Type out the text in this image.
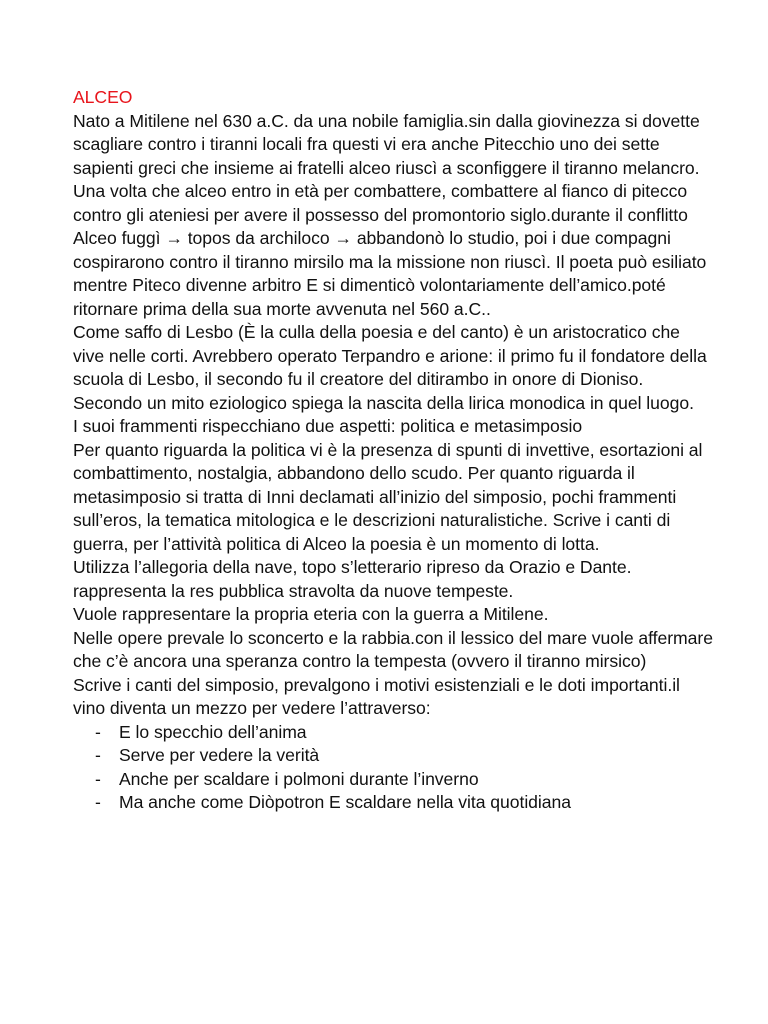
ALCEO

Nato a Mitilene nel 630 a.C. da una nobile famiglia.sin dalla giovinezza si dovette scagliare contro i tiranni locali fra questi vi era anche Pitecchio uno dei sette sapienti greci che insieme ai fratelli alceo riuscì a sconfiggere il tiranno melancro. Una volta che alceo entro in età per combattere, combattere al fianco di pitecco contro gli ateniesi per avere il possesso del promontorio siglo.durante il conflitto Alceo fuggì → topos da archiloco → abbandonò lo studio, poi i due compagni cospirarono contro il tiranno mirsilo ma la missione non riuscì. Il poeta può esiliato mentre Piteco divenne arbitro E si dimenticò volontariamente dell’amico.poté ritornare prima della sua morte avvenuta nel 560 a.C..

Come saffo di Lesbo (È la culla della poesia e del canto) è un aristocratico che vive nelle corti. Avrebbero operato Terpandro e arione: il primo fu il fondatore della scuola di Lesbo, il secondo fu il creatore del ditirambo in onore di Dioniso. Secondo un mito eziologico spiega la nascita della lirica monodica in quel luogo.

I suoi frammenti rispecchiano due aspetti: politica e metasimposio

Per quanto riguarda la politica vi è la presenza di spunti di invettive, esortazioni al combattimento, nostalgia, abbandono dello scudo. Per quanto riguarda il metasimposio si tratta di Inni declamati all’inizio del simposio, pochi frammenti sull’eros, la tematica mitologica e le descrizioni naturalistiche. Scrive i canti di guerra, per l’attività politica di Alceo la poesia è un momento di lotta.

Utilizza l’allegoria della nave, topo s’letterario ripreso da Orazio e Dante. rappresenta la res pubblica stravolta da nuove tempeste.

Vuole rappresentare la propria eteria con la guerra a Mitilene.

Nelle opere prevale lo sconcerto e la rabbia.con il lessico del mare vuole affermare che c’è ancora una speranza contro la tempesta (ovvero il tiranno mirsico)

Scrive i canti del simposio, prevalgono i motivi esistenziali e le doti importanti.il vino diventa un mezzo per vedere l’attraverso:

- E lo specchio dell’anima
- Serve per vedere la verità
- Anche per scaldare i polmoni durante l’inverno
- Ma anche come Diòpotron E scaldare nella vita quotidiana
